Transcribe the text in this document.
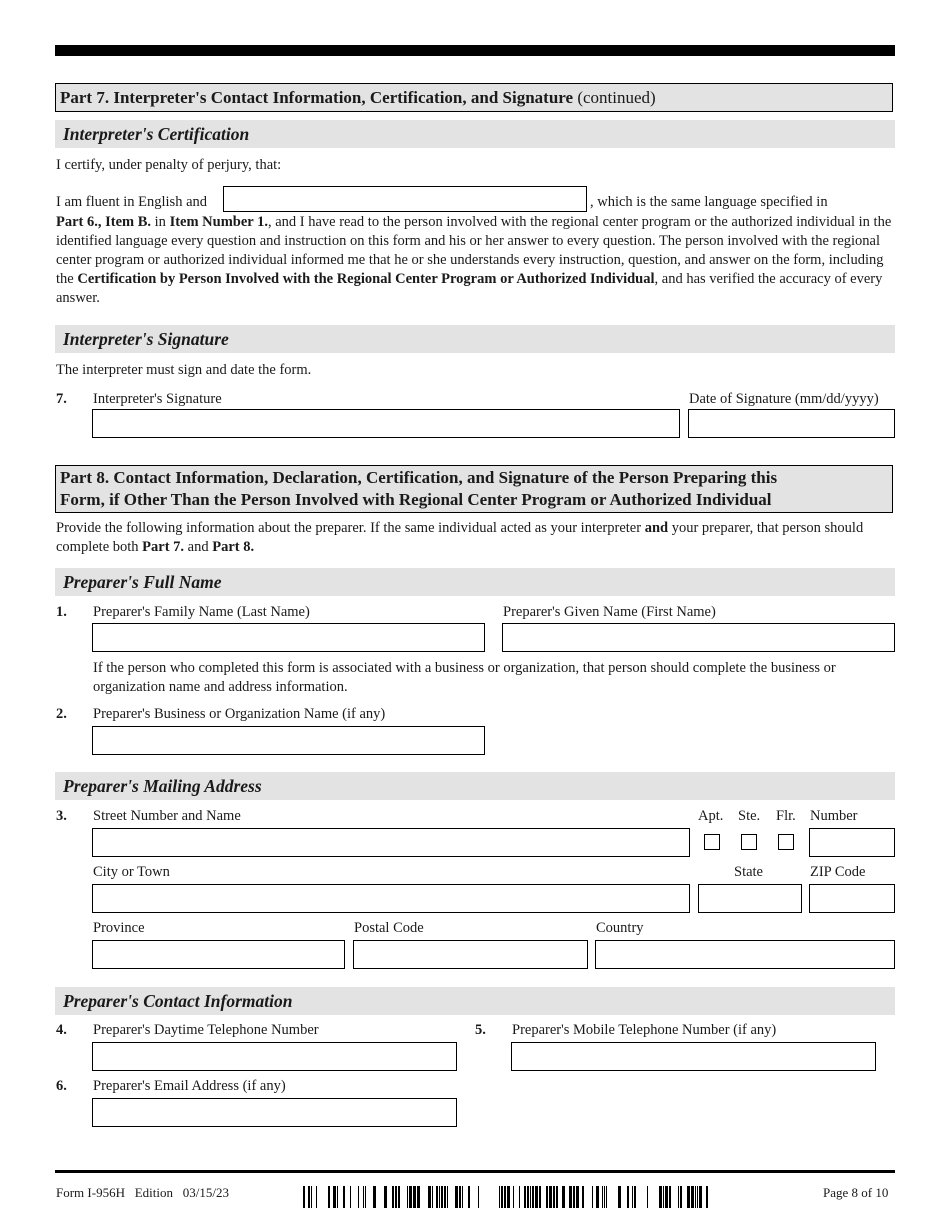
Part 7. Interpreter's Contact Information, Certification, and Signature (continued)
Interpreter's Certification
I certify, under penalty of perjury, that:
I am fluent in English and	, which is the same language specified in
Part 6., Item B. in Item Number 1., and I have read to the person involved with the regional center program or the authorized individual in the identified language every question and instruction on this form and his or her answer to every question. The person involved with the regional center program or authorized individual informed me that he or she understands every instruction, question, and answer on the form, including the Certification by Person Involved with the Regional Center Program or Authorized Individual, and has verified the accuracy of every answer.
Interpreter's Signature
The interpreter must sign and date the form.
7. Interpreter's Signature	Date of Signature (mm/dd/yyyy)
Part 8. Contact Information, Declaration, Certification, and Signature of the Person Preparing this
Form, if Other Than the Person Involved with Regional Center Program or Authorized Individual
Provide the following information about the preparer. If the same individual acted as your interpreter and your preparer, that person should complete both Part 7. and Part 8.
Preparer's Full Name
1. Preparer's Family Name (Last Name)	Preparer's Given Name (First Name)
If the person who completed this form is associated with a business or organization, that person should complete the business or organization name and address information.
2. Preparer's Business or Organization Name (if any)
Preparer's Mailing Address
3. Street Number and Name	Apt. Ste. Flr. Number
City or Town	State	ZIP Code
Province	Postal Code	Country
Preparer's Contact Information
4. Preparer's Daytime Telephone Number	5. Preparer's Mobile Telephone Number (if any)
6. Preparer's Email Address (if any)
Form I-956H   Edition   03/15/23	Page 8 of 10
